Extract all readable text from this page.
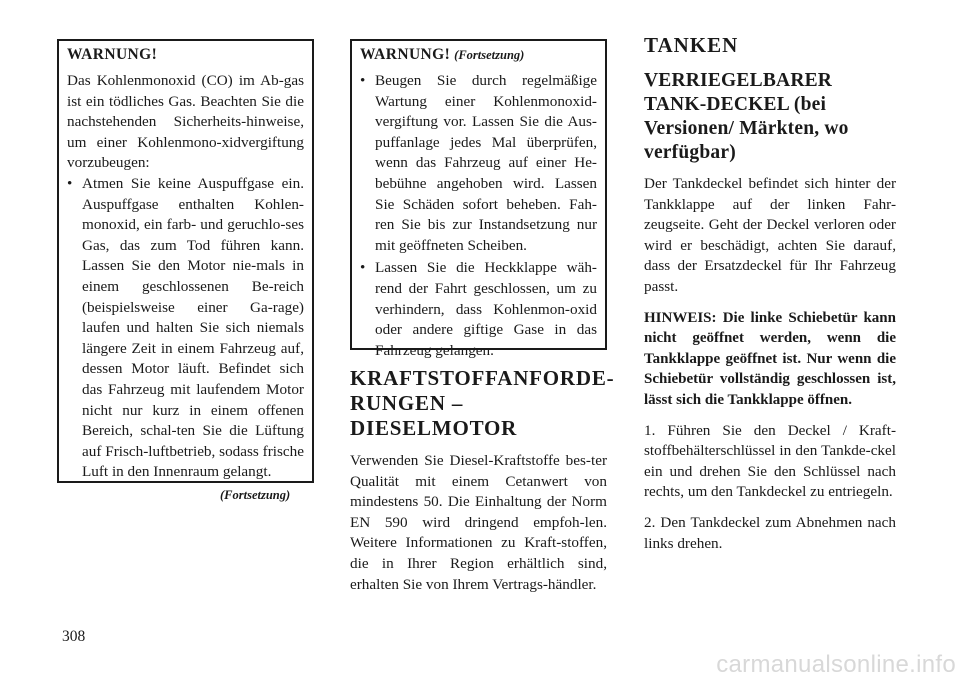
WARNUNG!

Das Kohlenmonoxid (CO) im Ab-gas ist ein tödliches Gas. Beachten Sie die nachstehenden Sicherheits-hinweise, um einer Kohlenmono-xidvergiftung vorzubeugen:

• Atmen Sie keine Auspuffgase ein. Auspuffgase enthalten Kohlen-monoxid, ein farb- und geruchlo-ses Gas, das zum Tod führen kann. Lassen Sie den Motor nie-mals in einem geschlossenen Be-reich (beispielsweise einer Ga-rage) laufen und halten Sie sich niemals längere Zeit in einem Fahrzeug auf, dessen Motor läuft. Befindet sich das Fahrzeug mit laufendem Motor nicht nur kurz in einem offenen Bereich, schal-ten Sie die Lüftung auf Frisch-luftbetrieb, sodass frische Luft in den Innenraum gelangt.
(Fortsetzung)
WARNUNG! (Fortsetzung)
• Beugen Sie durch regelmäßige Wartung einer Kohlenmonoxid-vergiftung vor. Lassen Sie die Aus-puffanlage jedes Mal überprüfen, wenn das Fahrzeug auf einer He-bebühne angehoben wird. Lassen Sie Schäden sofort beheben. Fah-ren Sie bis zur Instandsetzung nur mit geöffneten Scheiben.
• Lassen Sie die Heckklappe wäh-rend der Fahrt geschlossen, um zu verhindern, dass Kohlenmon-oxid oder andere giftige Gase in das Fahrzeug gelangen.
KRAFTSTOFFANFORDE-RUNGEN – DIESELMOTOR

Verwenden Sie Diesel-Kraftstoffe bes-ter Qualität mit einem Cetanwert von mindestens 50. Die Einhaltung der Norm EN 590 wird dringend empfoh-len. Weitere Informationen zu Kraft-stoffen, die in Ihrer Region erhältlich sind, erhalten Sie von Ihrem Vertrags-händler.

TANKEN
VERRIEGELBARER TANK-DECKEL (bei Versionen/ Märkten, wo verfügbar)

Der Tankdeckel befindet sich hinter der Tankklappe auf der linken Fahr-zeugseite. Geht der Deckel verloren oder wird er beschädigt, achten Sie darauf, dass der Ersatzdeckel für Ihr Fahrzeug passt.

HINWEIS: Die linke Schiebetür kann nicht geöffnet werden, wenn die Tankklappe geöffnet ist. Nur wenn die Schiebetür vollständig geschlossen ist, lässt sich die Tankklappe öffnen.

1. Führen Sie den Deckel / Kraft-stoffbehälterschlüssel in den Tankde-ckel ein und drehen Sie den Schlüssel nach rechts, um den Tankdeckel zu entriegeln.

2. Den Tankdeckel zum Abnehmen nach links drehen.

308
carmanualsonline.info
